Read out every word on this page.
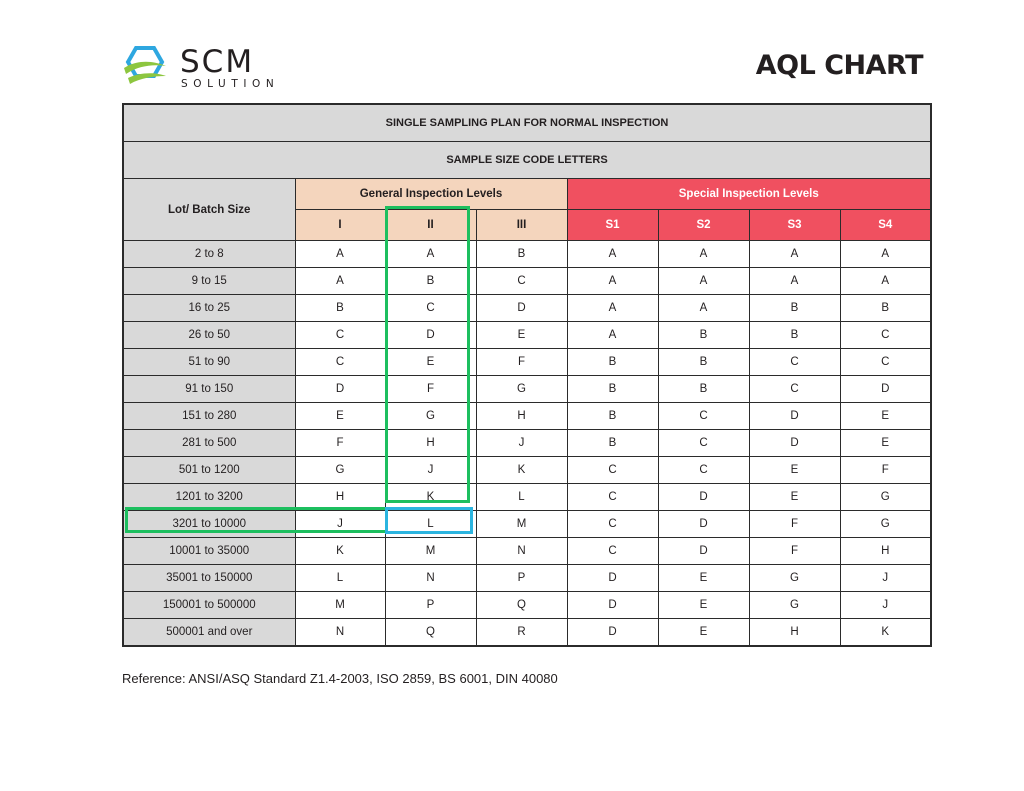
SCM
SOLUTION
AQL CHART
SINGLE SAMPLING PLAN FOR NORMAL INSPECTION							
SAMPLE SIZE CODE LETTERS							
Lot/ Batch Size	General Inspection Levels			Special Inspection Levels			
	I	II	III	S1	S2	S3	S4
2 to 8	A	A	B	A	A	A	A
9 to 15	A	B	C	A	A	A	A
16 to 25	B	C	D	A	A	B	B
26 to 50	C	D	E	A	B	B	C
51 to 90	C	E	F	B	B	C	C
91 to 150	D	F	G	B	B	C	D
151 to 280	E	G	H	B	C	D	E
281 to 500	F	H	J	B	C	D	E
501 to 1200	G	J	K	C	C	E	F
1201 to 3200	H	K	L	C	D	E	G
3201 to 10000	J	L	M	C	D	F	G
10001 to 35000	K	M	N	C	D	F	H
35001 to 150000	L	N	P	D	E	G	J
150001 to 500000	M	P	Q	D	E	G	J
500001 and over	N	Q	R	D	E	H	K
Reference: ANSI/ASQ Standard Z1.4-2003, ISO 2859, BS 6001, DIN 40080
